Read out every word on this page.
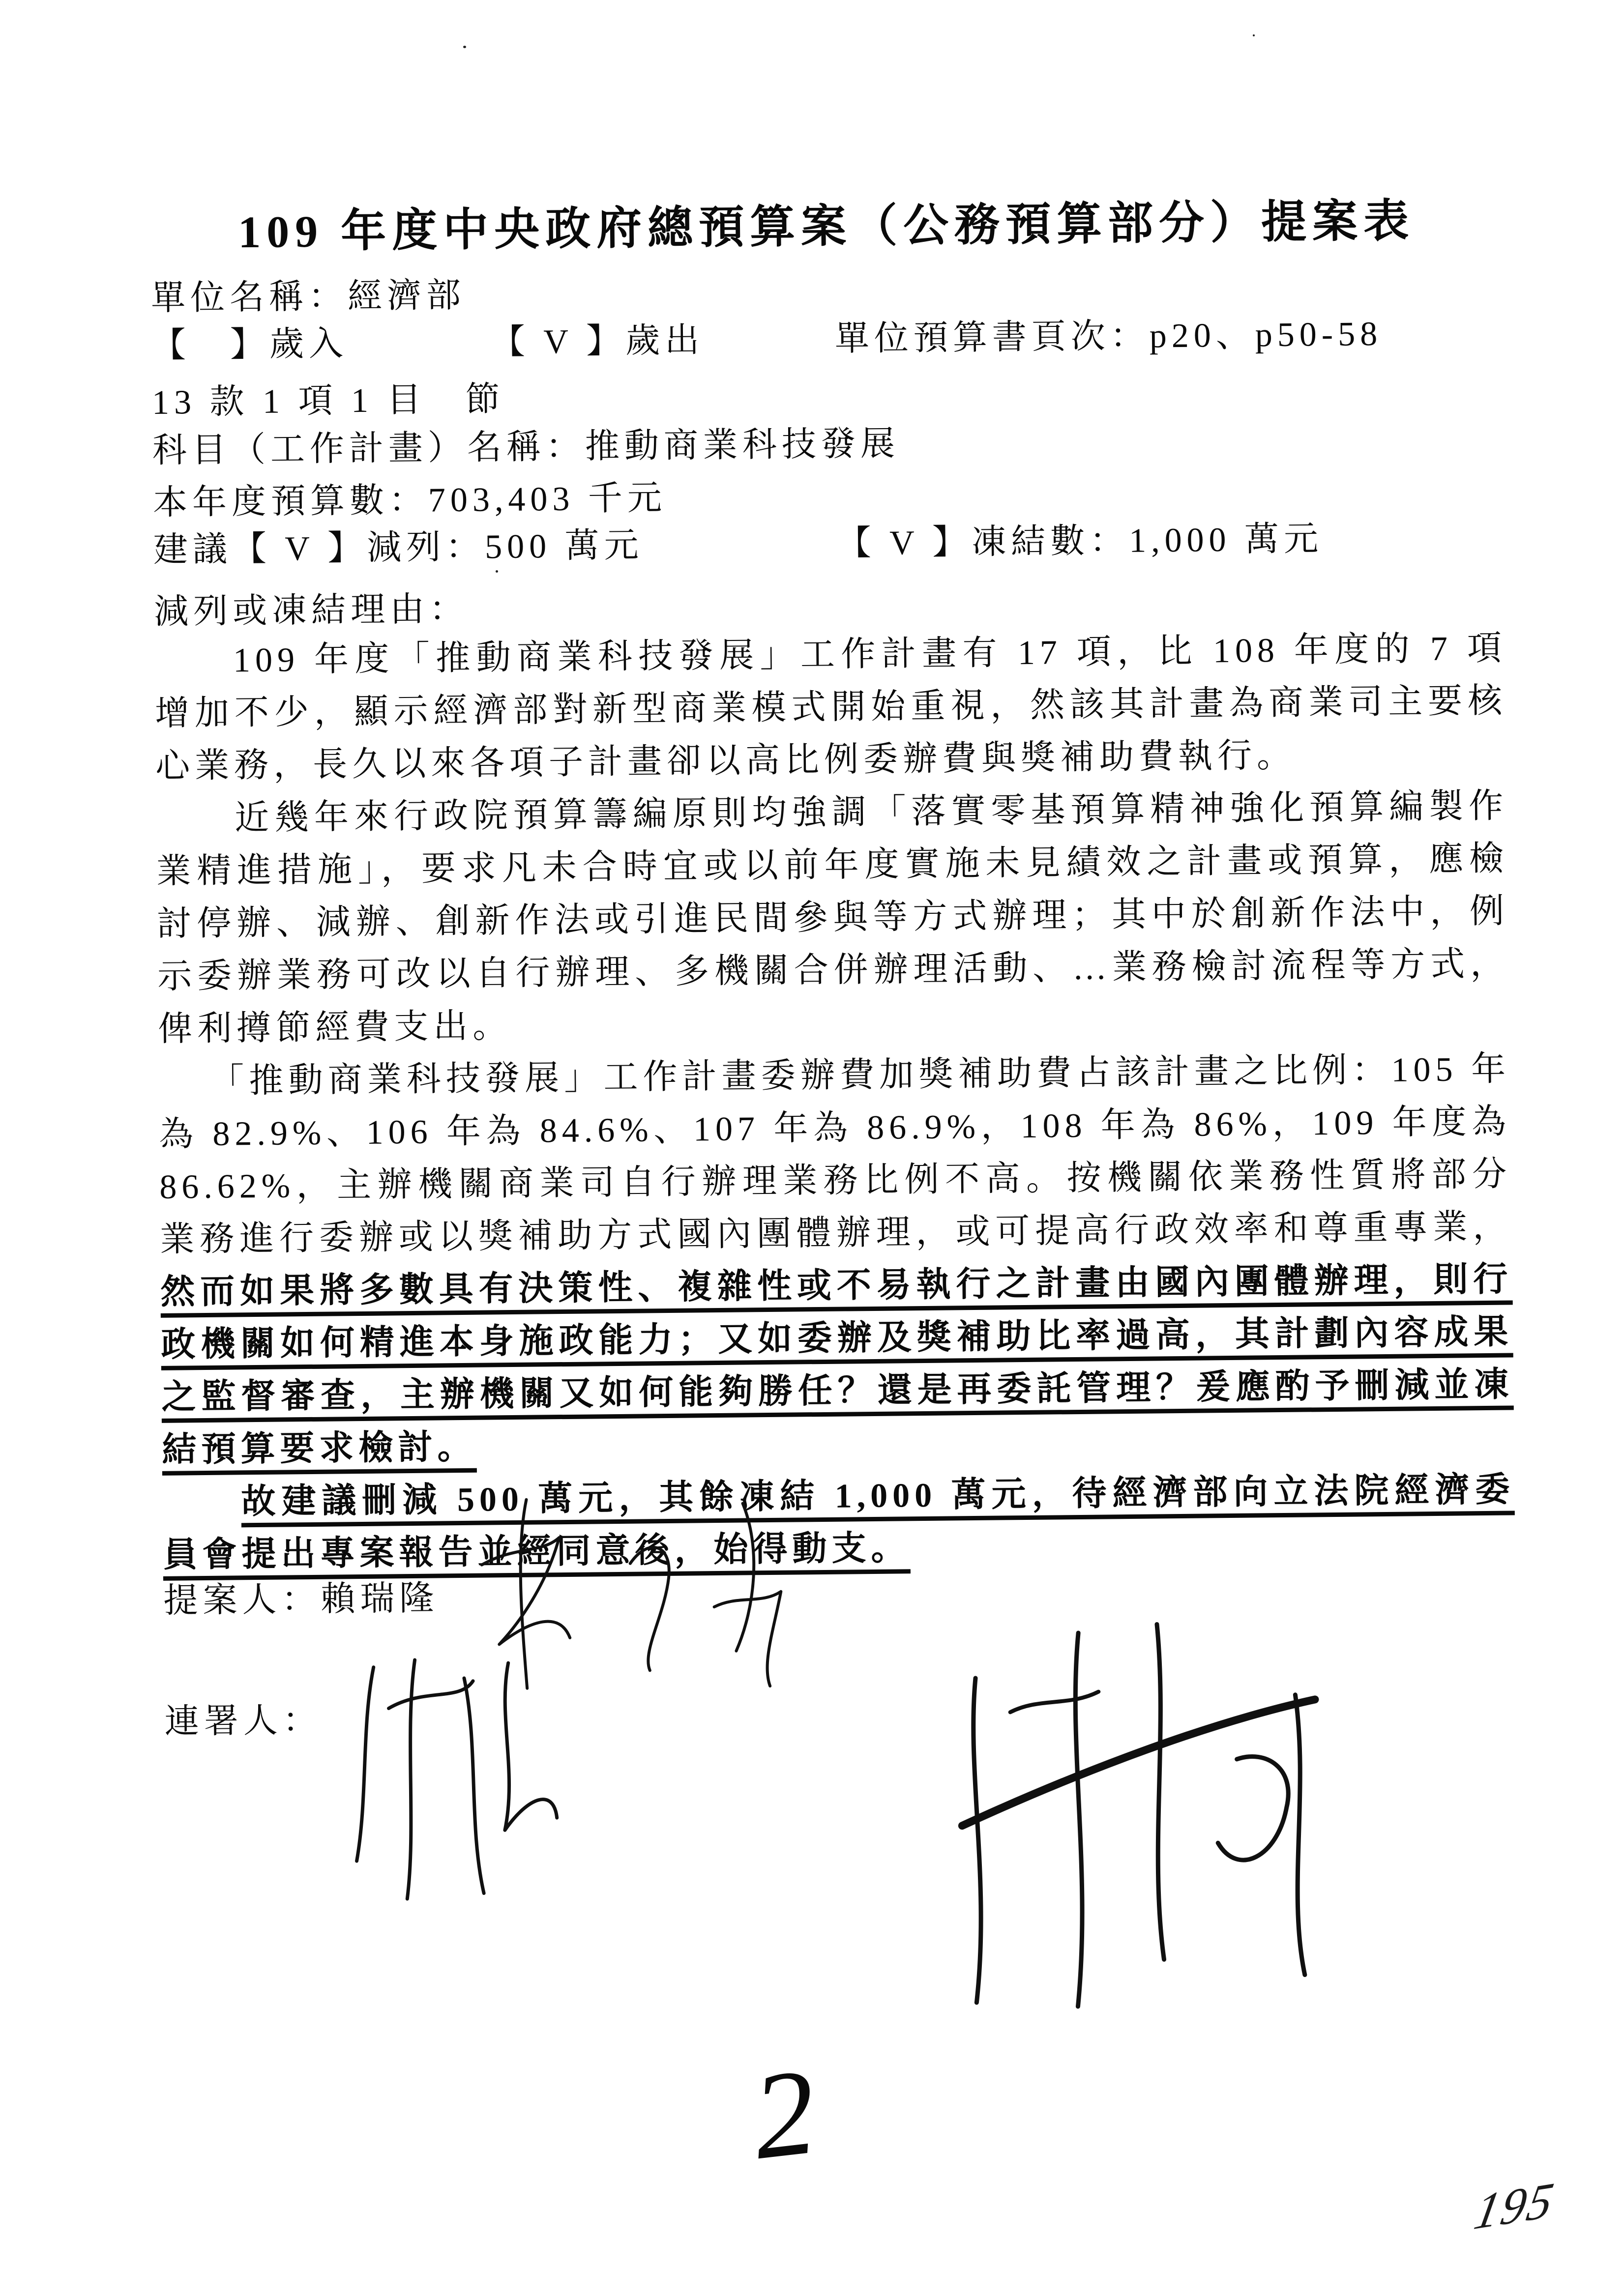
109 年度中央政府總預算案（公務預算部分）提案表
單位名稱：經濟部
【　】歲入	【 V 】歲出	單位預算書頁次：p20、p50-58
13 款 1 項 1 目　節
科目（工作計畫）名稱：推動商業科技發展
本年度預算數：703,403 千元
建議【 V 】減列：500 萬元	【 V 】凍結數：1,000 萬元
減列或凍結理由：

109 年度「推動商業科技發展」工作計畫有 17 項，比 108 年度的 7 項增加不少，顯示經濟部對新型商業模式開始重視，然該其計畫為商業司主要核心業務，長久以來各項子計畫卻以高比例委辦費與獎補助費執行。

近幾年來行政院預算籌編原則均強調「落實零基預算精神強化預算編製作業精進措施」，要求凡未合時宜或以前年度實施未見績效之計畫或預算，應檢討停辦、減辦、創新作法或引進民間參與等方式辦理；其中於創新作法中，例示委辦業務可改以自行辦理、多機關合併辦理活動、…業務檢討流程等方式，俾利撙節經費支出。

「推動商業科技發展」工作計畫委辦費加獎補助費占該計畫之比例：105 年為 82.9%、106 年為 84.6%、107 年為 86.9%，108 年為 86%，109 年度為 86.62%，主辦機關商業司自行辦理業務比例不高。按機關依業務性質將部分業務進行委辦或以獎補助方式國內團體辦理，或可提高行政效率和尊重專業，然而如果將多數具有決策性、複雜性或不易執行之計畫由國內團體辦理，則行政機關如何精進本身施政能力；又如委辦及獎補助比率過高，其計劃內容成果之監督審查，主辦機關又如何能夠勝任？還是再委託管理？爰應酌予刪減並凍結預算要求檢討。

故建議刪減 500 萬元，其餘凍結 1,000 萬元，待經濟部向立法院經濟委員會提出專案報告並經同意後，始得動支。

提案人：賴瑞隆
連署人：
2
195
